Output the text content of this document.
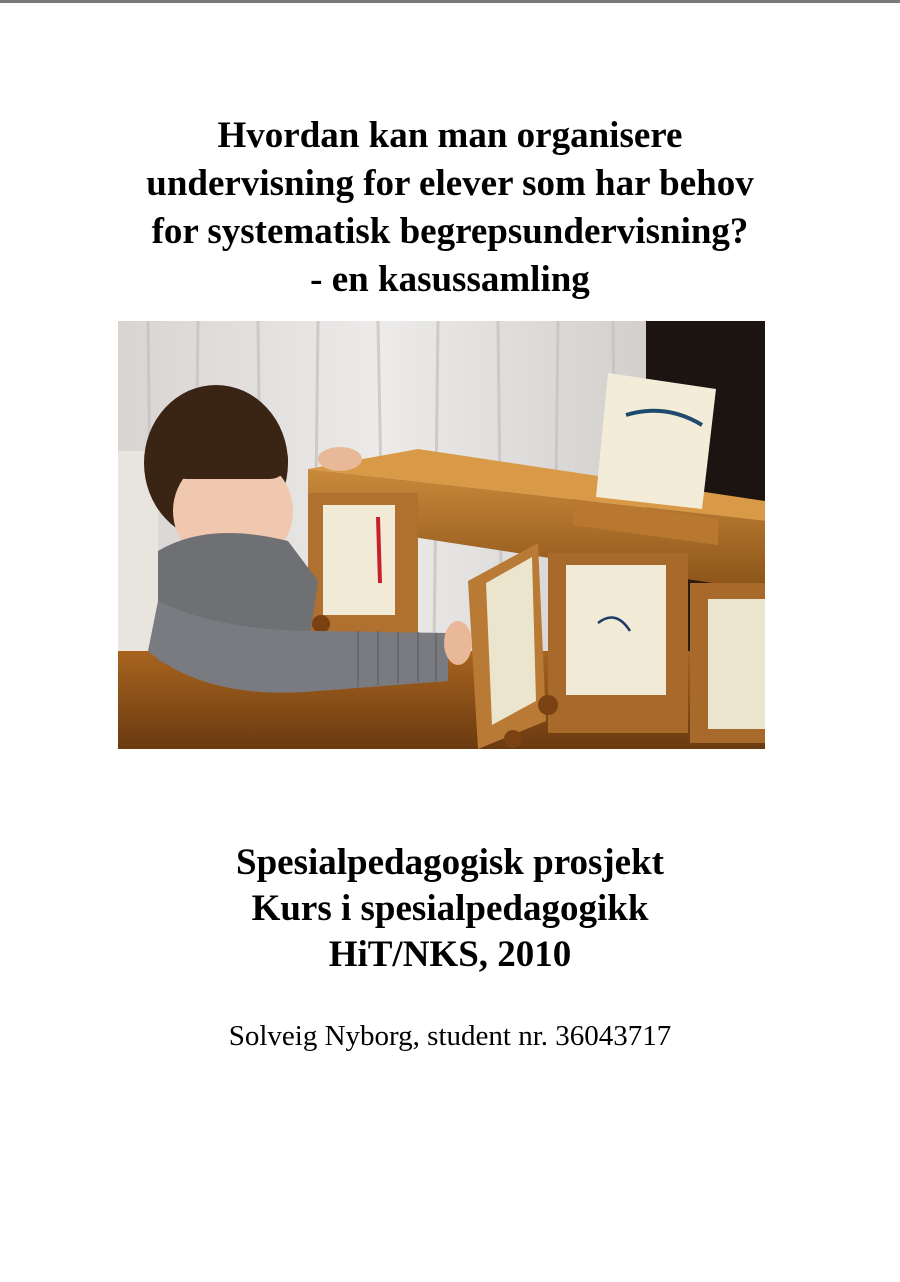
Hvordan kan man organisere
undervisning for elever som har behov
for systematisk begrepsundervisning?
- en kasussamling
Spesialpedagogisk prosjekt
Kurs i spesialpedagogikk
HiT/NKS, 2010
Solveig Nyborg, student nr. 36043717
